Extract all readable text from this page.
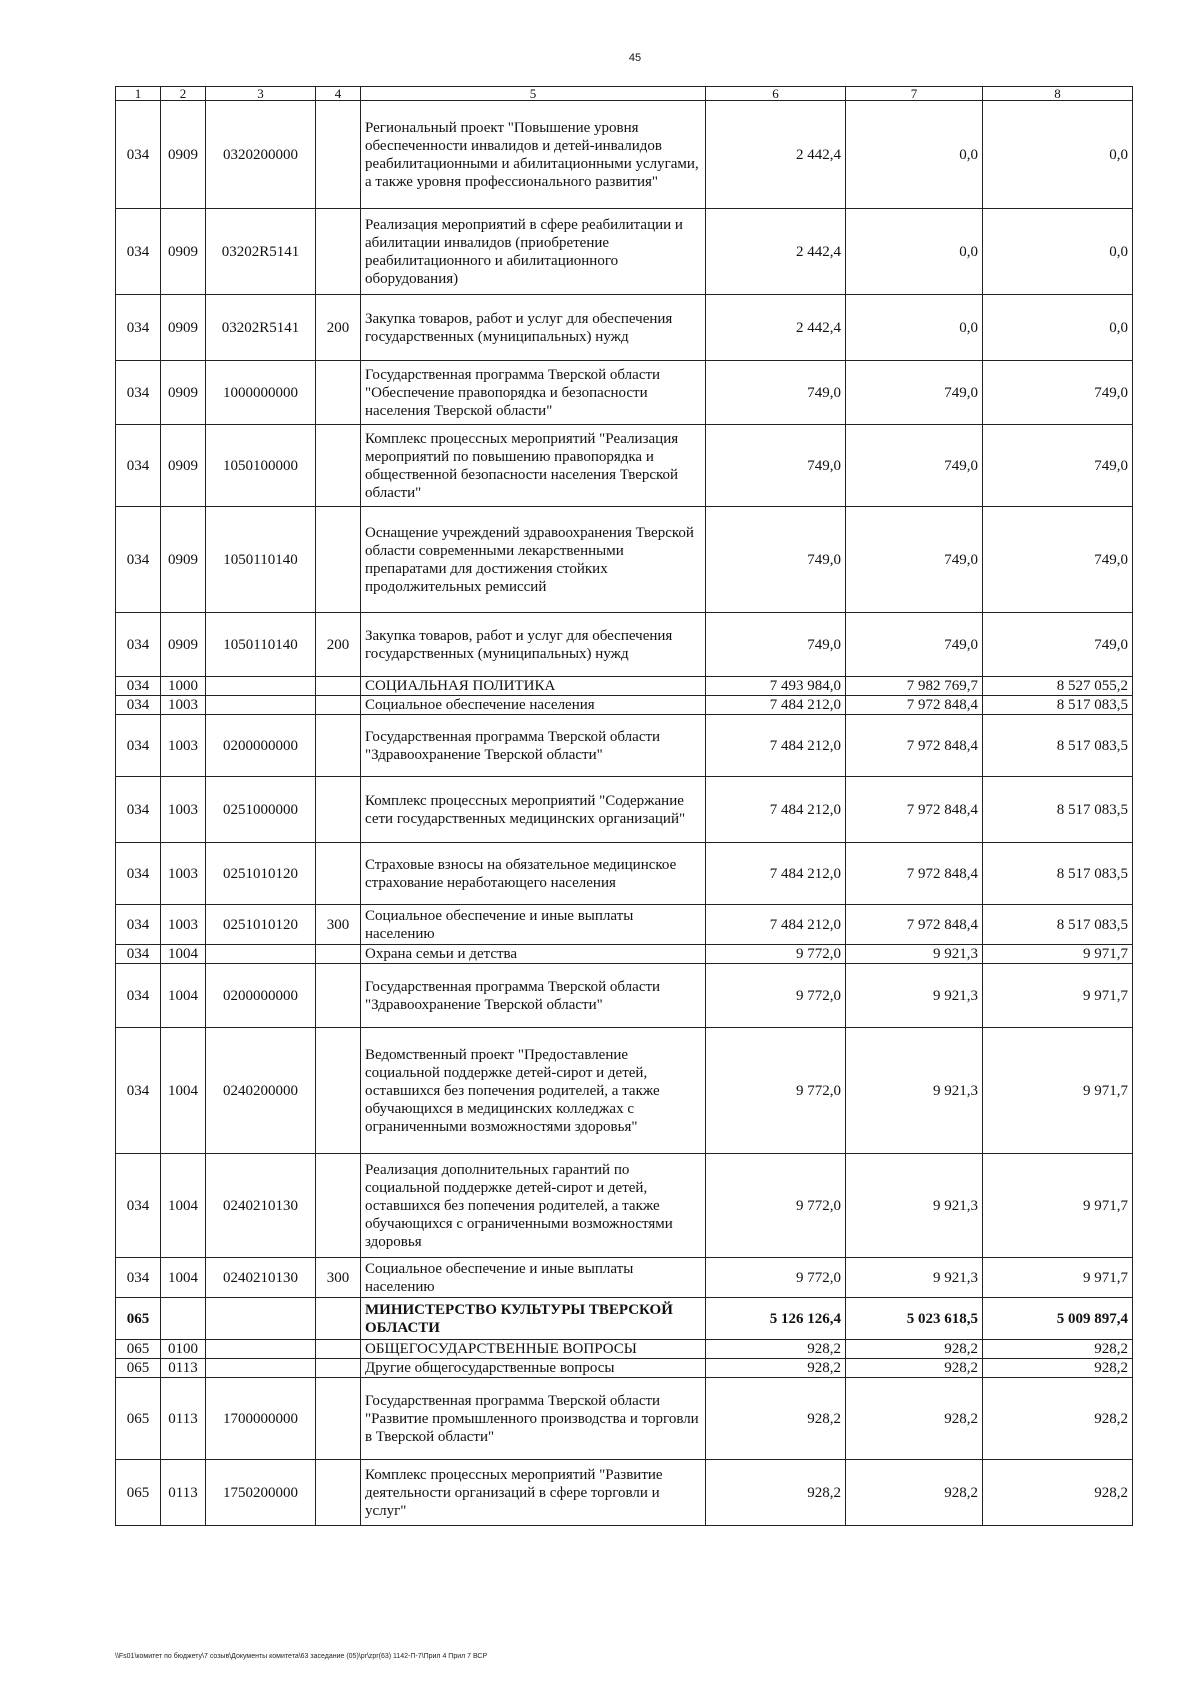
45
1	2	3	4	5	6	7	8
034	0909	0320200000		Региональный проект "Повышение уровня обеспеченности инвалидов и детей-инвалидов реабилитационными и абилитационными услугами, а также уровня профессионального развития"	2 442,4	0,0	0,0
034	0909	03202R5141		Реализация мероприятий в сфере реабилитации и абилитации инвалидов (приобретение реабилитационного и абилитационного оборудования)	2 442,4	0,0	0,0
034	0909	03202R5141	200	Закупка товаров, работ и услуг для обеспечения государственных (муниципальных) нужд	2 442,4	0,0	0,0
034	0909	1000000000		Государственная программа Тверской области "Обеспечение правопорядка и безопасности населения Тверской области"	749,0	749,0	749,0
034	0909	1050100000		Комплекс процессных мероприятий "Реализация мероприятий по повышению правопорядка и общественной безопасности населения Тверской области"	749,0	749,0	749,0
034	0909	1050110140		Оснащение учреждений здравоохранения Тверской области современными лекарственными препаратами для достижения стойких продолжительных ремиссий	749,0	749,0	749,0
034	0909	1050110140	200	Закупка товаров, работ и услуг для обеспечения государственных (муниципальных) нужд	749,0	749,0	749,0
034	1000			СОЦИАЛЬНАЯ ПОЛИТИКА	7 493 984,0	7 982 769,7	8 527 055,2
034	1003			Социальное обеспечение населения	7 484 212,0	7 972 848,4	8 517 083,5
034	1003	0200000000		Государственная программа Тверской области "Здравоохранение Тверской области"	7 484 212,0	7 972 848,4	8 517 083,5
034	1003	0251000000		Комплекс процессных мероприятий "Содержание сети государственных медицинских организаций"	7 484 212,0	7 972 848,4	8 517 083,5
034	1003	0251010120		Страховые взносы на обязательное медицинское страхование неработающего населения	7 484 212,0	7 972 848,4	8 517 083,5
034	1003	0251010120	300	Социальное обеспечение и иные выплаты населению	7 484 212,0	7 972 848,4	8 517 083,5
034	1004			Охрана семьи и детства	9 772,0	9 921,3	9 971,7
034	1004	0200000000		Государственная программа Тверской области "Здравоохранение Тверской области"	9 772,0	9 921,3	9 971,7
034	1004	0240200000		Ведомственный проект "Предоставление социальной поддержке детей-сирот и детей, оставшихся без попечения родителей, а также обучающихся в медицинских колледжах с ограниченными возможностями здоровья"	9 772,0	9 921,3	9 971,7
034	1004	0240210130		Реализация дополнительных гарантий по социальной поддержке детей-сирот и детей, оставшихся без попечения родителей, а также обучающихся с ограниченными возможностями здоровья	9 772,0	9 921,3	9 971,7
034	1004	0240210130	300	Социальное обеспечение и иные выплаты населению	9 772,0	9 921,3	9 971,7
065				МИНИСТЕРСТВО КУЛЬТУРЫ ТВЕРСКОЙ ОБЛАСТИ	5 126 126,4	5 023 618,5	5 009 897,4
065	0100			ОБЩЕГОСУДАРСТВЕННЫЕ ВОПРОСЫ	928,2	928,2	928,2
065	0113			Другие общегосударственные вопросы	928,2	928,2	928,2
065	0113	1700000000		Государственная программа Тверской области "Развитие промышленного производства и торговли в Тверской области"	928,2	928,2	928,2
065	0113	1750200000		Комплекс процессных мероприятий "Развитие деятельности организаций в сфере торговли и услуг"	928,2	928,2	928,2
\\Fs01\комитет по бюджету\7 созыв\Документы комитета\63 заседание (05)\pr\zpr(63) 1142-П-7\Прил 4 Прил 7 ВСР
